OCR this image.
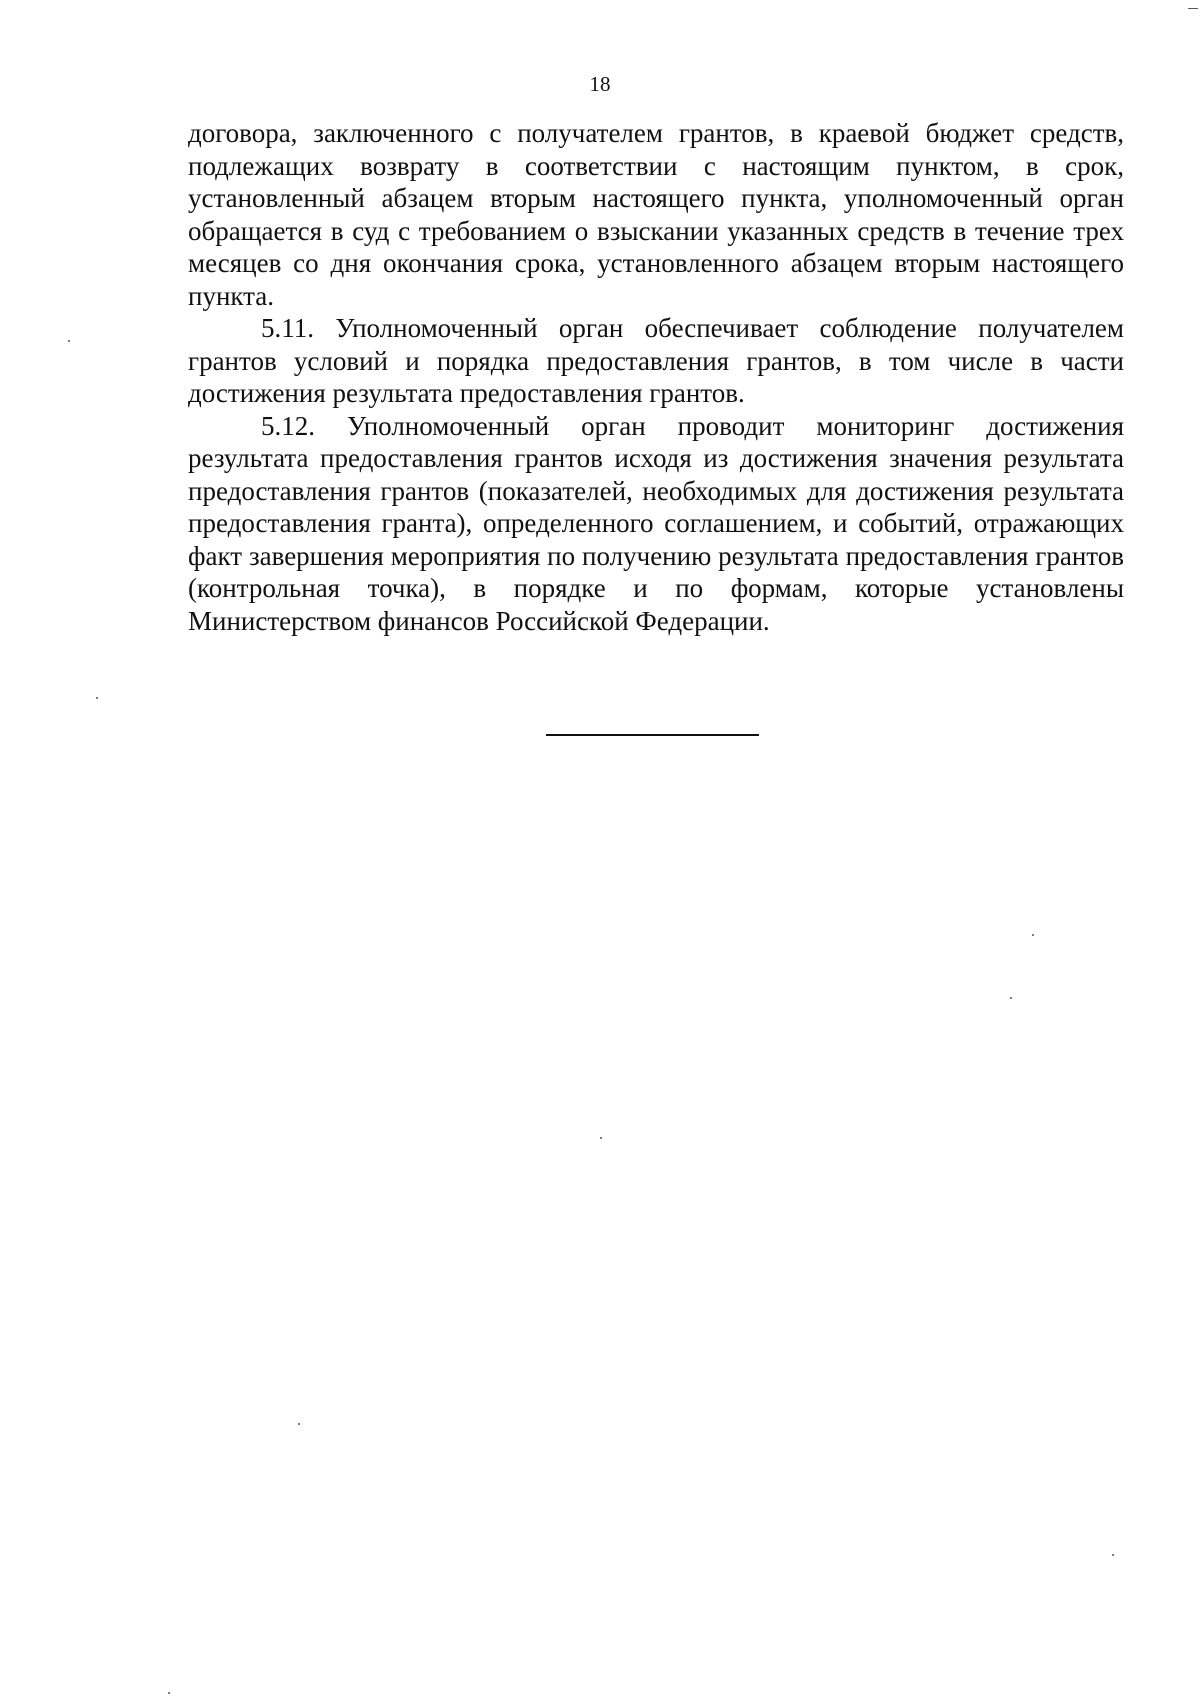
18

договора, заключенного с получателем грантов, в краевой бюджет средств, подлежащих возврату в соответствии с настоящим пунктом, в срок, установленный абзацем вторым настоящего пункта, уполномоченный орган обращается в суд с требованием о взыскании указанных средств в течение трех месяцев со дня окончания срока, установленного абзацем вторым настоящего пункта.

5.11. Уполномоченный орган обеспечивает соблюдение получателем грантов условий и порядка предоставления грантов, в том числе в части достижения результата предоставления грантов.

5.12. Уполномоченный орган проводит мониторинг достижения результата предоставления грантов исходя из достижения значения результата предоставления грантов (показателей, необходимых для достижения результата предоставления гранта), определенного соглашением, и событий, отражающих факт завершения мероприятия по получению результата предоставления грантов (контрольная точка), в порядке и по формам, которые установлены Министерством финансов Российской Федерации.
